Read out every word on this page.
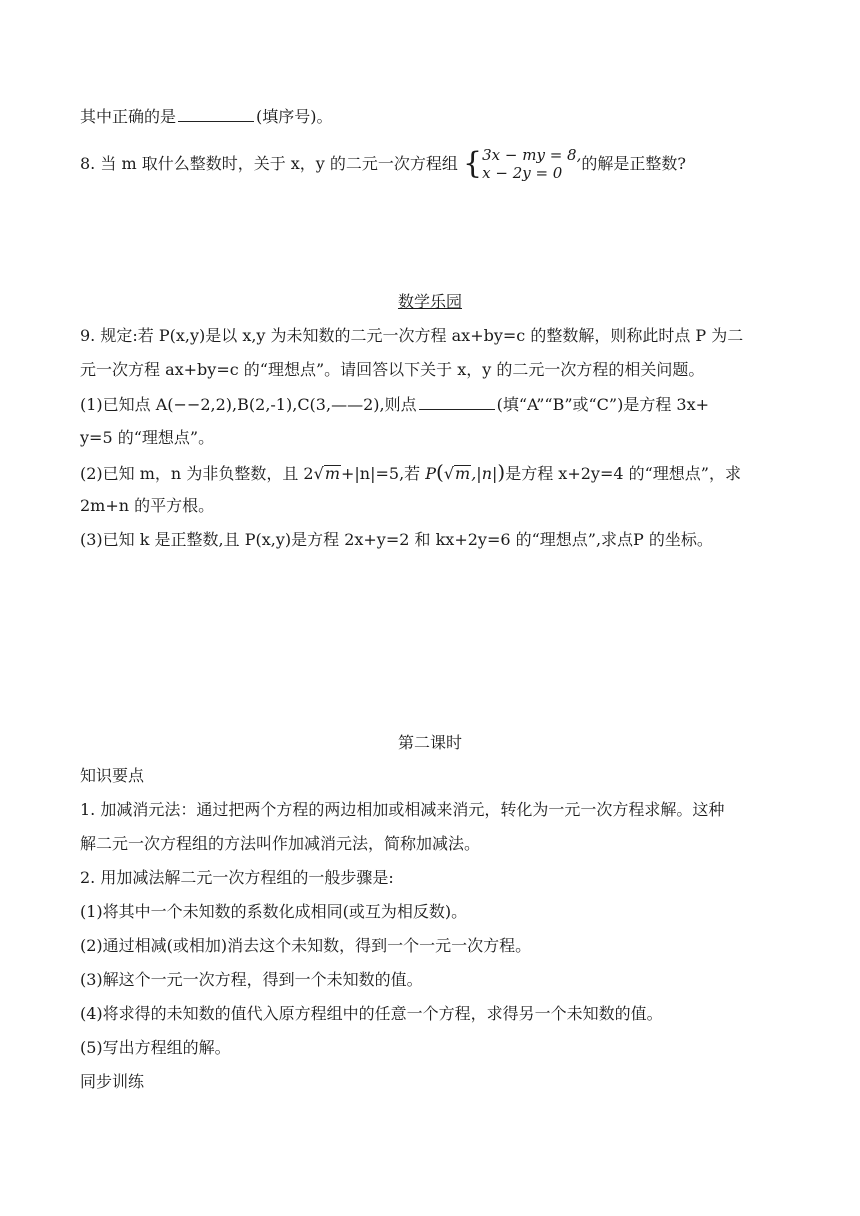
其中正确的是	(填序号)。
8. 当 m 取什么整数时，关于 x，y 的二元一次方程组 { 3x − my = 8,
x − 2y = 0	的解是正整数?
数学乐园
9. 规定:若 P(x,y)是以 x,y 为未知数的二元一次方程 ax+by=c 的整数解，则称此时点 P 为二
元一次方程 ax+by=c 的“理想点”。请回答以下关于 x，y 的二元一次方程的相关问题。
(1)已知点 A(−−2,2),B(2,-1),C(3,——2),则点	(填“A”“B”或“C”)是方程 3x+
y=5 的“理想点”。
(2)已知 m，n 为非负整数，且 2√m+|n|=5,若 P(√m,|n|)是方程 x+2y=4 的“理想点”，求
2m+n 的平方根。
(3)已知 k 是正整数,且 P(x,y)是方程 2x+y=2 和 kx+2y=6 的“理想点”,求点P 的坐标。
第二课时
知识要点
1. 加减消元法：通过把两个方程的两边相加或相减来消元，转化为一元一次方程求解。这种
解二元一次方程组的方法叫作加减消元法，简称加减法。
2. 用加减法解二元一次方程组的一般步骤是:
(1)将其中一个未知数的系数化成相同(或互为相反数)。
(2)通过相减(或相加)消去这个未知数，得到一个一元一次方程。
(3)解这个一元一次方程，得到一个未知数的值。
(4)将求得的未知数的值代入原方程组中的任意一个方程，求得另一个未知数的值。
(5)写出方程组的解。
同步训练
